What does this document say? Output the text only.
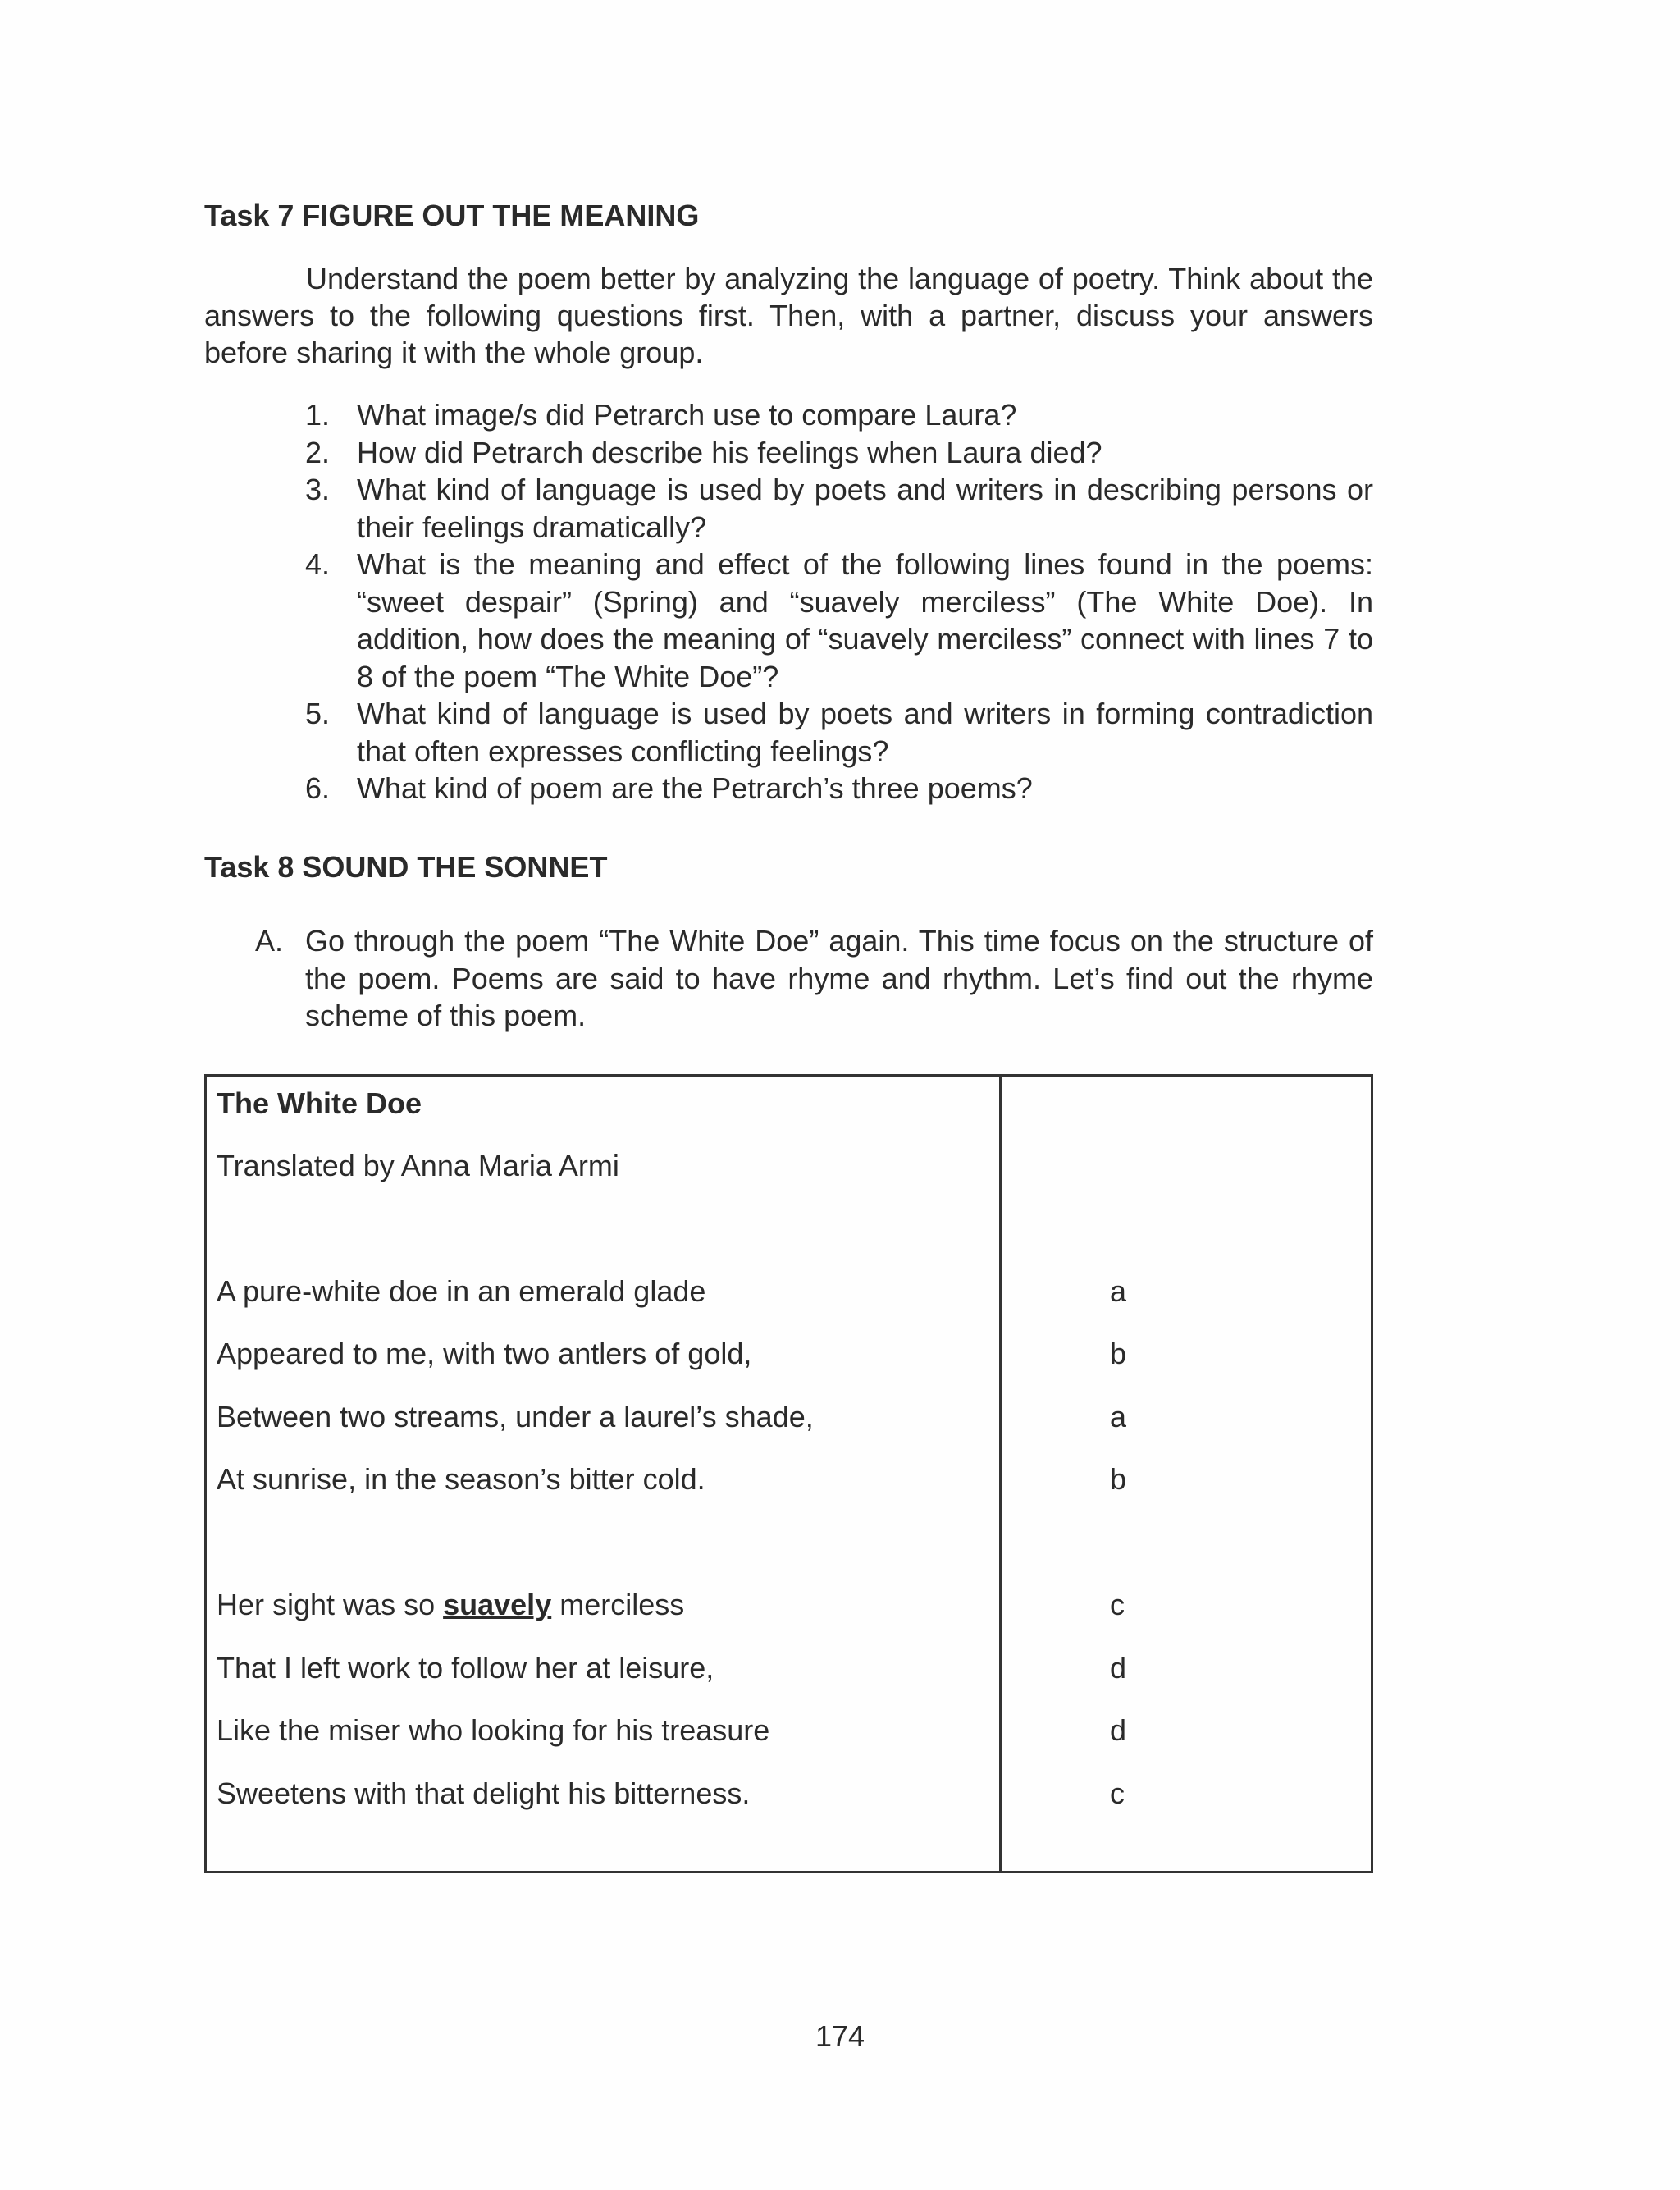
Task 7 FIGURE OUT THE MEANING

Understand the poem better by analyzing the language of poetry. Think about the answers to the following questions first. Then, with a partner, discuss your answers before sharing it with the whole group.

1. What image/s did Petrarch use to compare Laura?
2. How did Petrarch describe his feelings when Laura died?
3. What kind of language is used by poets and writers in describing persons or their feelings dramatically?
4. What is the meaning and effect of the following lines found in the poems: “sweet despair” (Spring) and “suavely merciless” (The White Doe). In addition, how does the meaning of “suavely merciless” connect with lines 7 to 8 of the poem “The White Doe”?
5. What kind of language is used by poets and writers in forming contradiction that often expresses conflicting feelings?
6. What kind of poem are the Petrarch’s three poems?
Task 8 SOUND THE SONNET
A. Go through the poem “The White Doe” again. This time focus on the structure of the poem. Poems are said to have rhyme and rhythm. Let’s find out the rhyme scheme of this poem.
The White Doe
Translated by Anna Maria Armi
A pure-white doe in an emerald glade	a
Appeared to me, with two antlers of gold,	b
Between two streams, under a laurel’s shade,	a
At sunrise, in the season’s bitter cold.	b
Her sight was so suavely merciless	c
That I left work to follow her at leisure,	d
Like the miser who looking for his treasure	d
Sweetens with that delight his bitterness.	c
174
